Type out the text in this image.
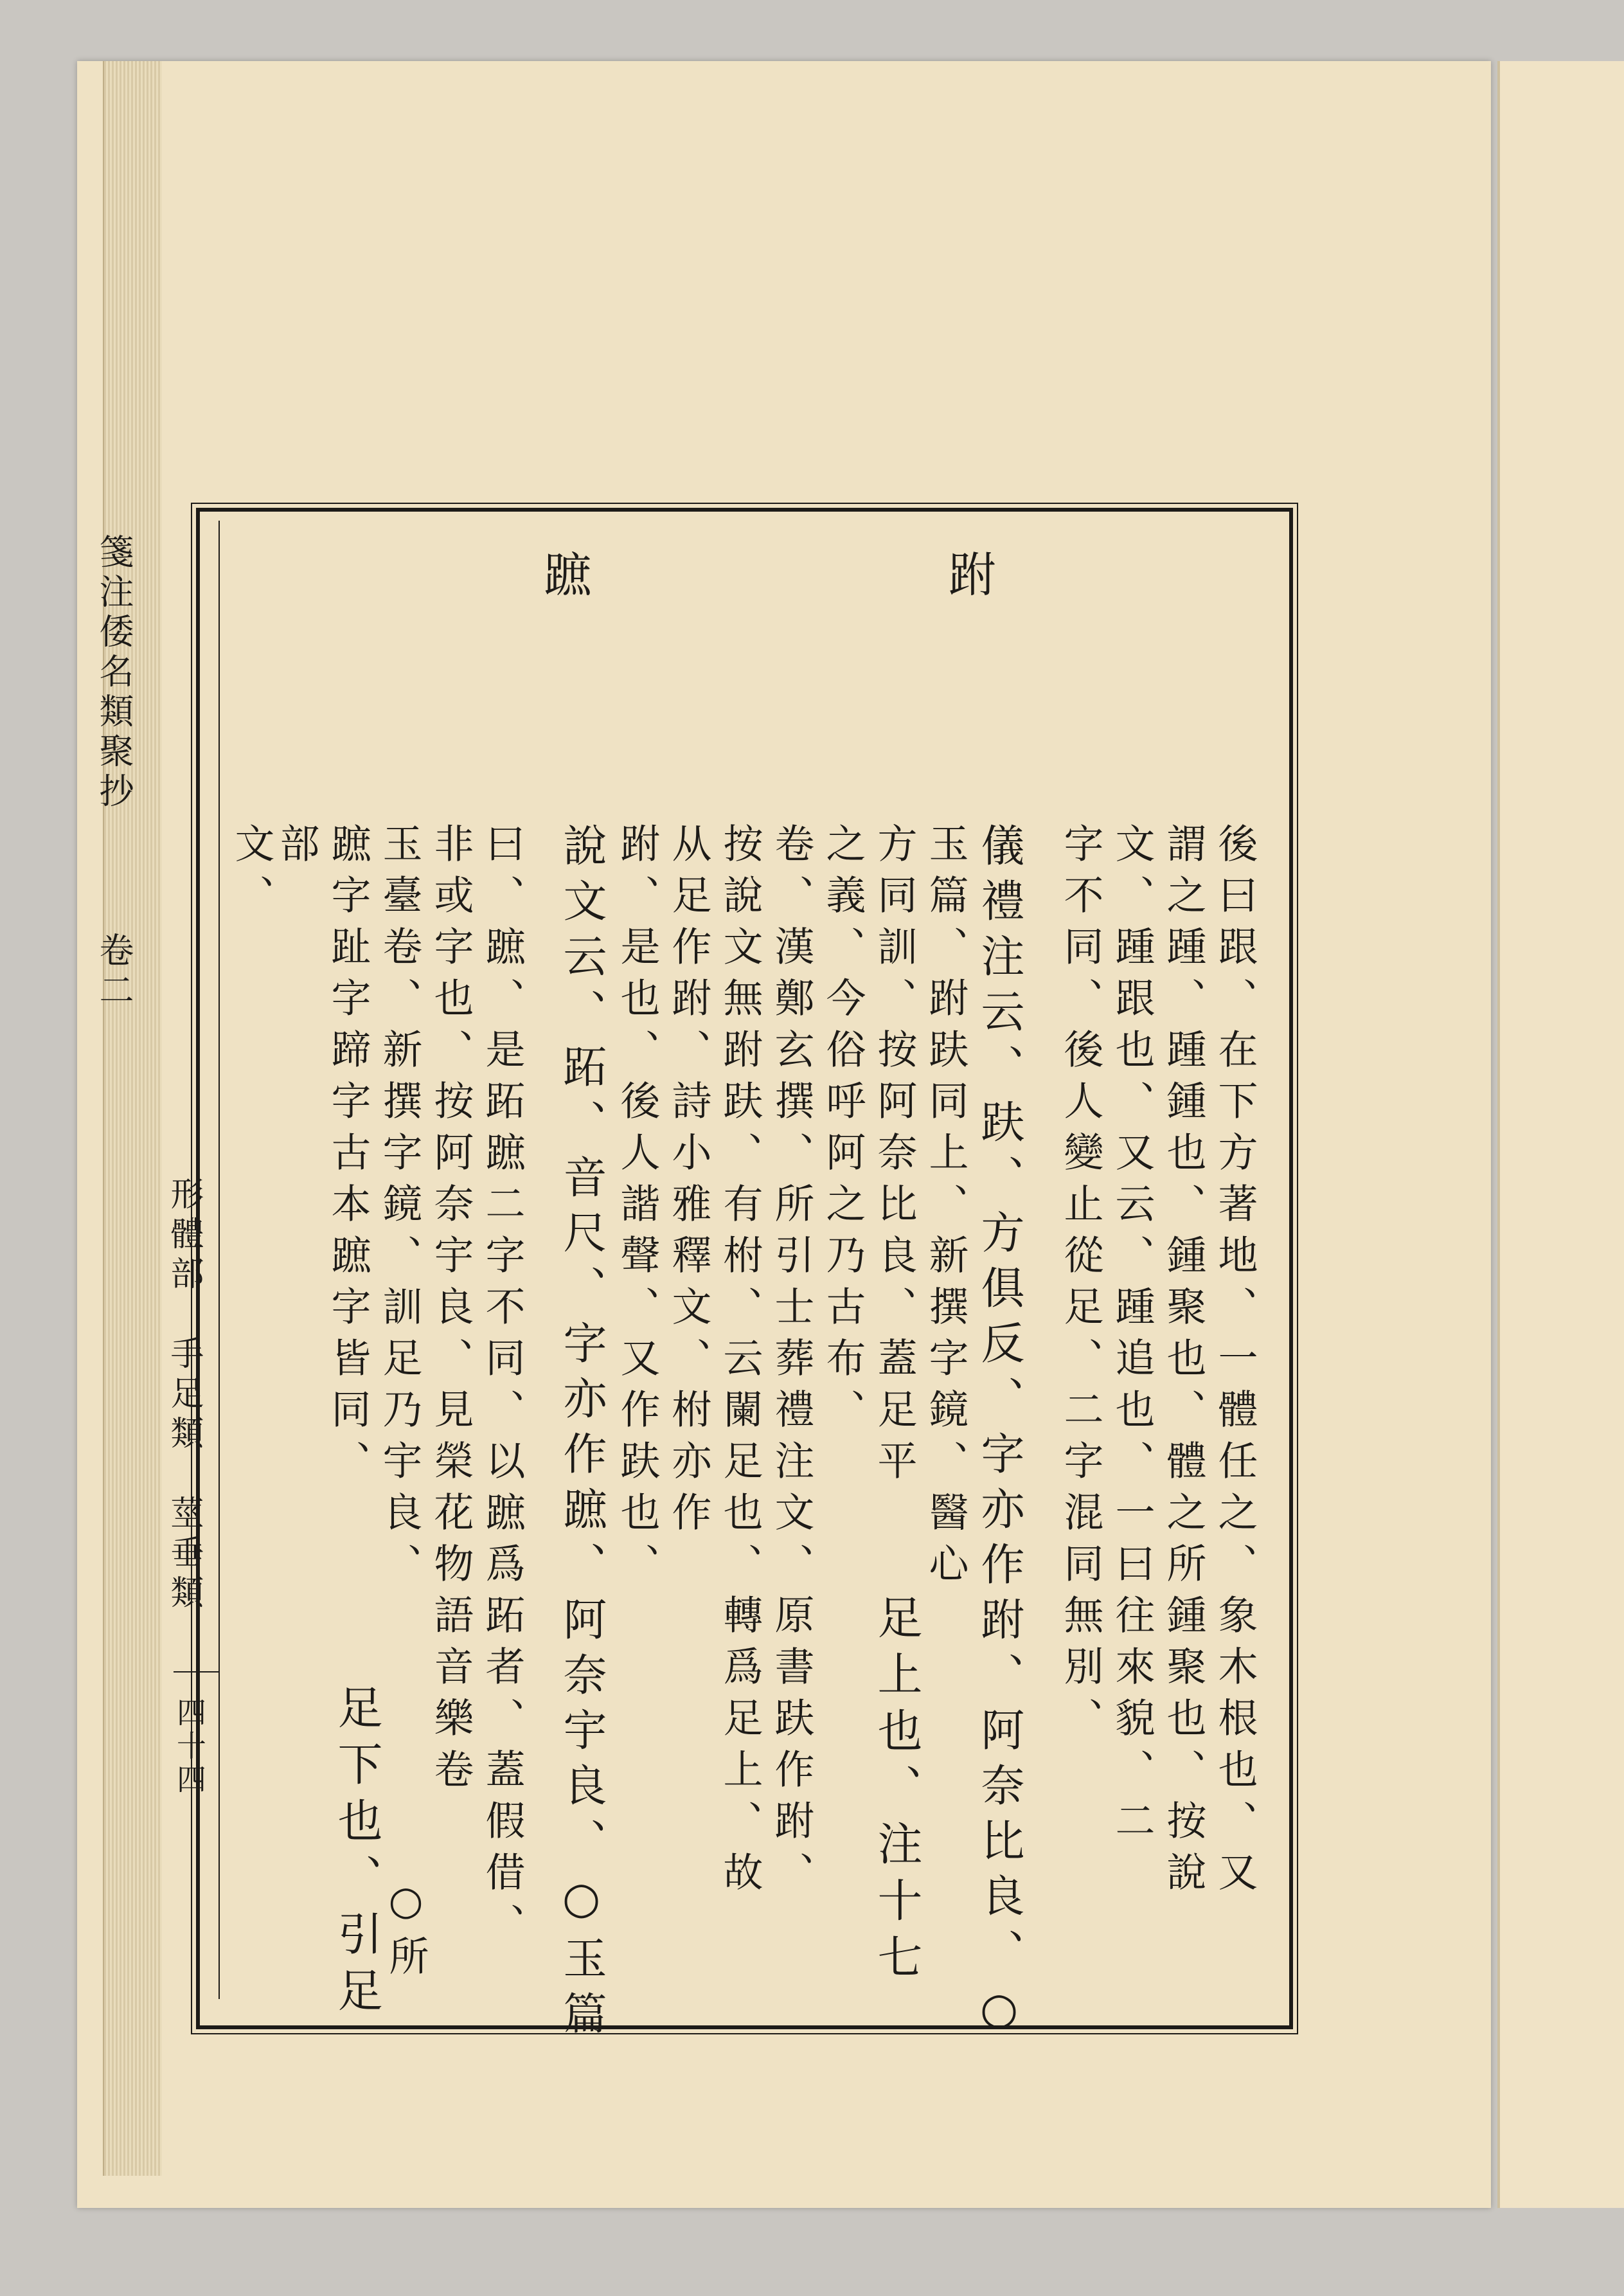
箋注倭名類聚抄
卷二
形體部　手足類　莖垂類
四十四
跗
蹠
後曰跟、在下方著地、一體任之、象木根也、又
謂之踵、踵鍾也、鍾聚也、體之所鍾聚也、按說
文、踵跟也、又云、踵追也、一曰往來貌、二
字不同、後人變止從足、二字混同無別、
儀禮注云、趺、方俱反、字亦作跗、阿奈比良、○
玉篇、跗趺同上、新撰字鏡、醫心
方同訓、按阿奈比良、蓋足平
之義、今俗呼阿之乃古布、
卷、漢鄭玄撰、所引士葬禮注文、原書趺作跗、
按說文無跗趺、有柎、云闌足也、轉爲足上、故
从足作跗、詩小雅釋文、柎亦作
跗、是也、後人諧聲、又作趺也、
說文云、跖、音尺、字亦作蹠、阿奈宇良、○玉篇
曰、蹠、是跖蹠二字不同、以蹠爲跖者、蓋假借、
非或字也、按阿奈宇良、見榮花物語音樂卷
玉臺卷、新撰字鏡、訓足乃宇良、
蹠字趾字蹄字古本蹠字皆同、
部
文、
足上也、注十七
足下也、引足 ○所
